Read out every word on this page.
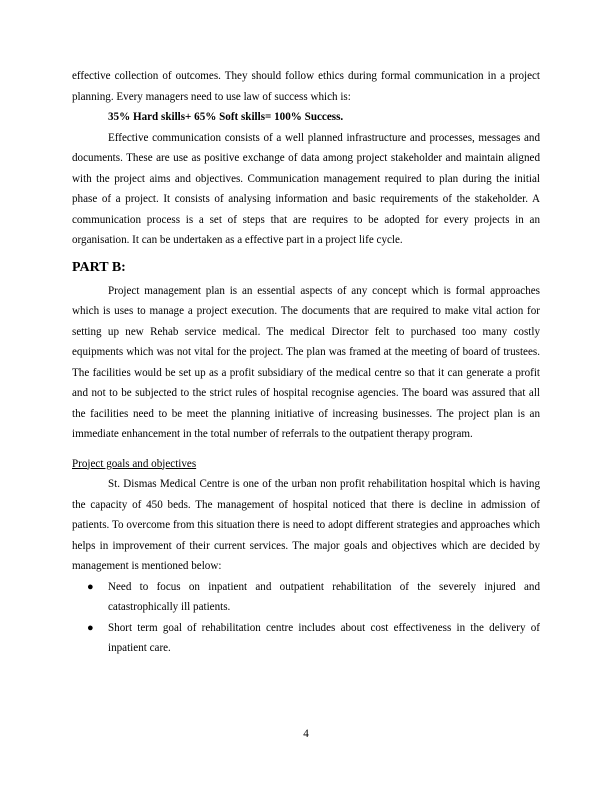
effective collection of outcomes. They should follow ethics during formal communication in a project planning. Every managers need to use law of success which is:

35% Hard skills+ 65% Soft skills= 100% Success.

Effective communication consists of a well planned infrastructure and processes, messages and documents. These are use as positive exchange of data among project stakeholder and maintain aligned with the project aims and objectives. Communication management required to plan during the initial phase of a project. It consists of analysing information and basic requirements of the stakeholder. A communication process is a set of steps that are requires to be adopted for every projects in an organisation. It can be undertaken as a effective part in a project life cycle.

PART B:

Project management plan is an essential aspects of any concept which is formal approaches which is uses to manage a project execution. The documents that are required to make vital action for setting up new Rehab service medical. The medical Director felt to purchased too many costly equipments which was not vital for the project. The plan was framed at the meeting of board of trustees. The facilities would be set up as a profit subsidiary of the medical centre so that it can generate a profit and not to be subjected to the strict rules of hospital recognise agencies. The board was assured that all the facilities need to be meet the planning initiative of increasing businesses. The project plan is an immediate enhancement in the total number of referrals to the outpatient therapy program.

Project goals and objectives

St. Dismas Medical Centre is one of the urban non profit rehabilitation hospital which is having the capacity of 450 beds. The management of hospital noticed that there is decline in admission of patients. To overcome from this situation there is need to adopt different strategies and approaches which helps in improvement of their current services. The major goals and objectives which are decided by management is mentioned below:

● Need to focus on inpatient and outpatient rehabilitation of the severely injured and catastrophically ill patients.
● Short term goal of rehabilitation centre includes about cost effectiveness in the delivery of inpatient care.
4
